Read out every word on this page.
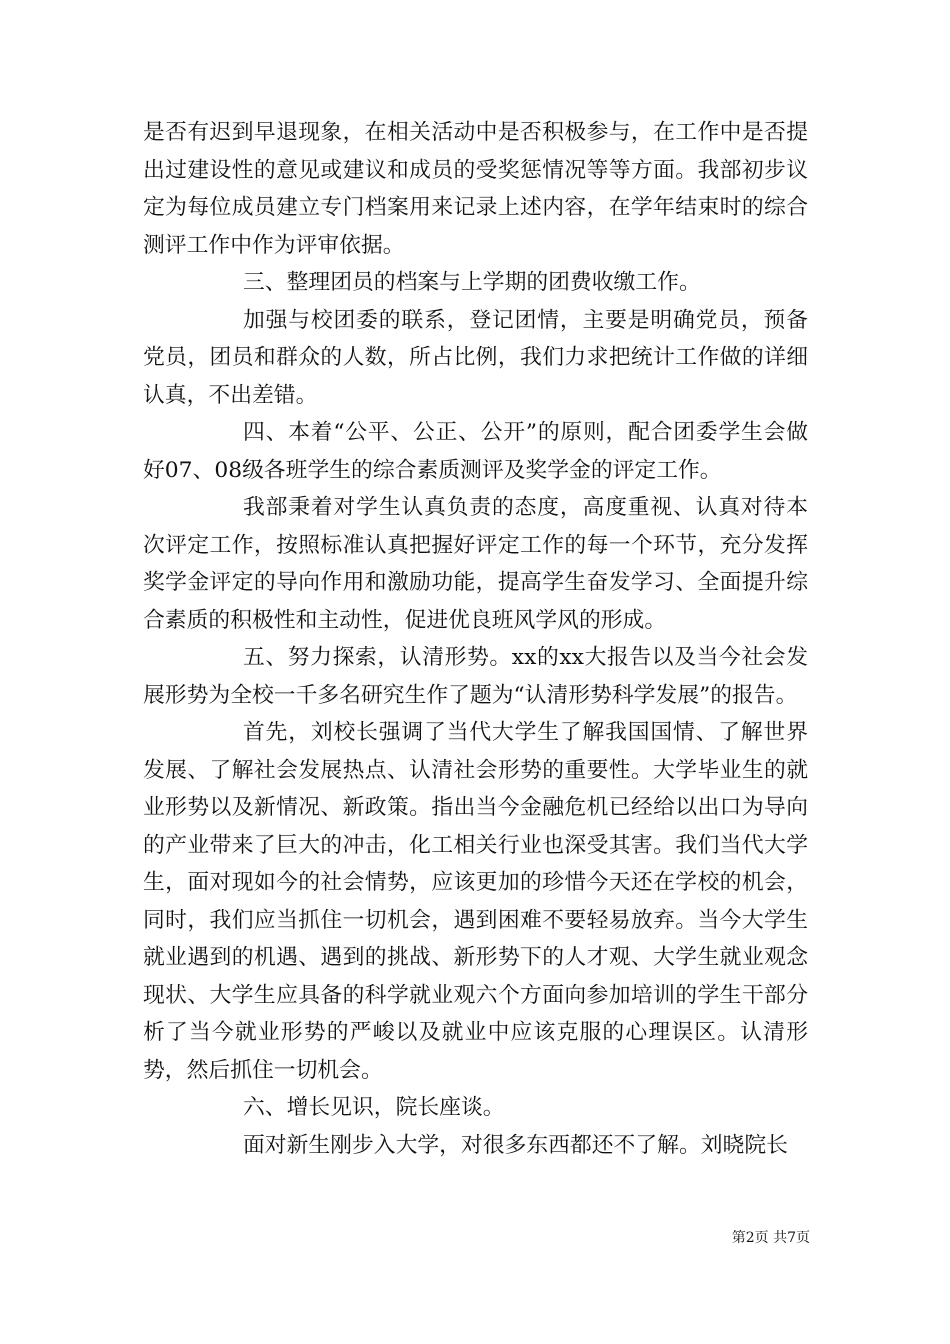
是否有迟到早退现象，在相关活动中是否积极参与，在工作中是否提出过建设性的意见或建议和成员的受奖惩情况等等方面。我部初步议定为每位成员建立专门档案用来记录上述内容，在学年结束时的综合测评工作中作为评审依据。

三、整理团员的档案与上学期的团费收缴工作。

加强与校团委的联系，登记团情，主要是明确党员，预备党员，团员和群众的人数，所占比例，我们力求把统计工作做的详细认真，不出差错。

四、本着“公平、公正、公开”的原则，配合团委学生会做好07、08级各班学生的综合素质测评及奖学金的评定工作。

我部秉着对学生认真负责的态度，高度重视、认真对待本次评定工作，按照标准认真把握好评定工作的每一个环节，充分发挥奖学金评定的导向作用和激励功能，提高学生奋发学习、全面提升综合素质的积极性和主动性，促进优良班风学风的形成。

五、努力探索，认清形势。xx的xx大报告以及当今社会发展形势为全校一千多名研究生作了题为“认清形势科学发展”的报告。

首先，刘校长强调了当代大学生了解我国国情、了解世界发展、了解社会发展热点、认清社会形势的重要性。大学毕业生的就业形势以及新情况、新政策。指出当今金融危机已经给以出口为导向的产业带来了巨大的冲击，化工相关行业也深受其害。我们当代大学生，面对现如今的社会情势，应该更加的珍惜今天还在学校的机会，同时，我们应当抓住一切机会，遇到困难不要轻易放弃。当今大学生就业遇到的机遇、遇到的挑战、新形势下的人才观、大学生就业观念现状、大学生应具备的科学就业观六个方面向参加培训的学生干部分析了当今就业形势的严峻以及就业中应该克服的心理误区。认清形势，然后抓住一切机会。

六、增长见识，院长座谈。

面对新生刚步入大学，对很多东西都还不了解。刘晓院长

第2页 共7页
